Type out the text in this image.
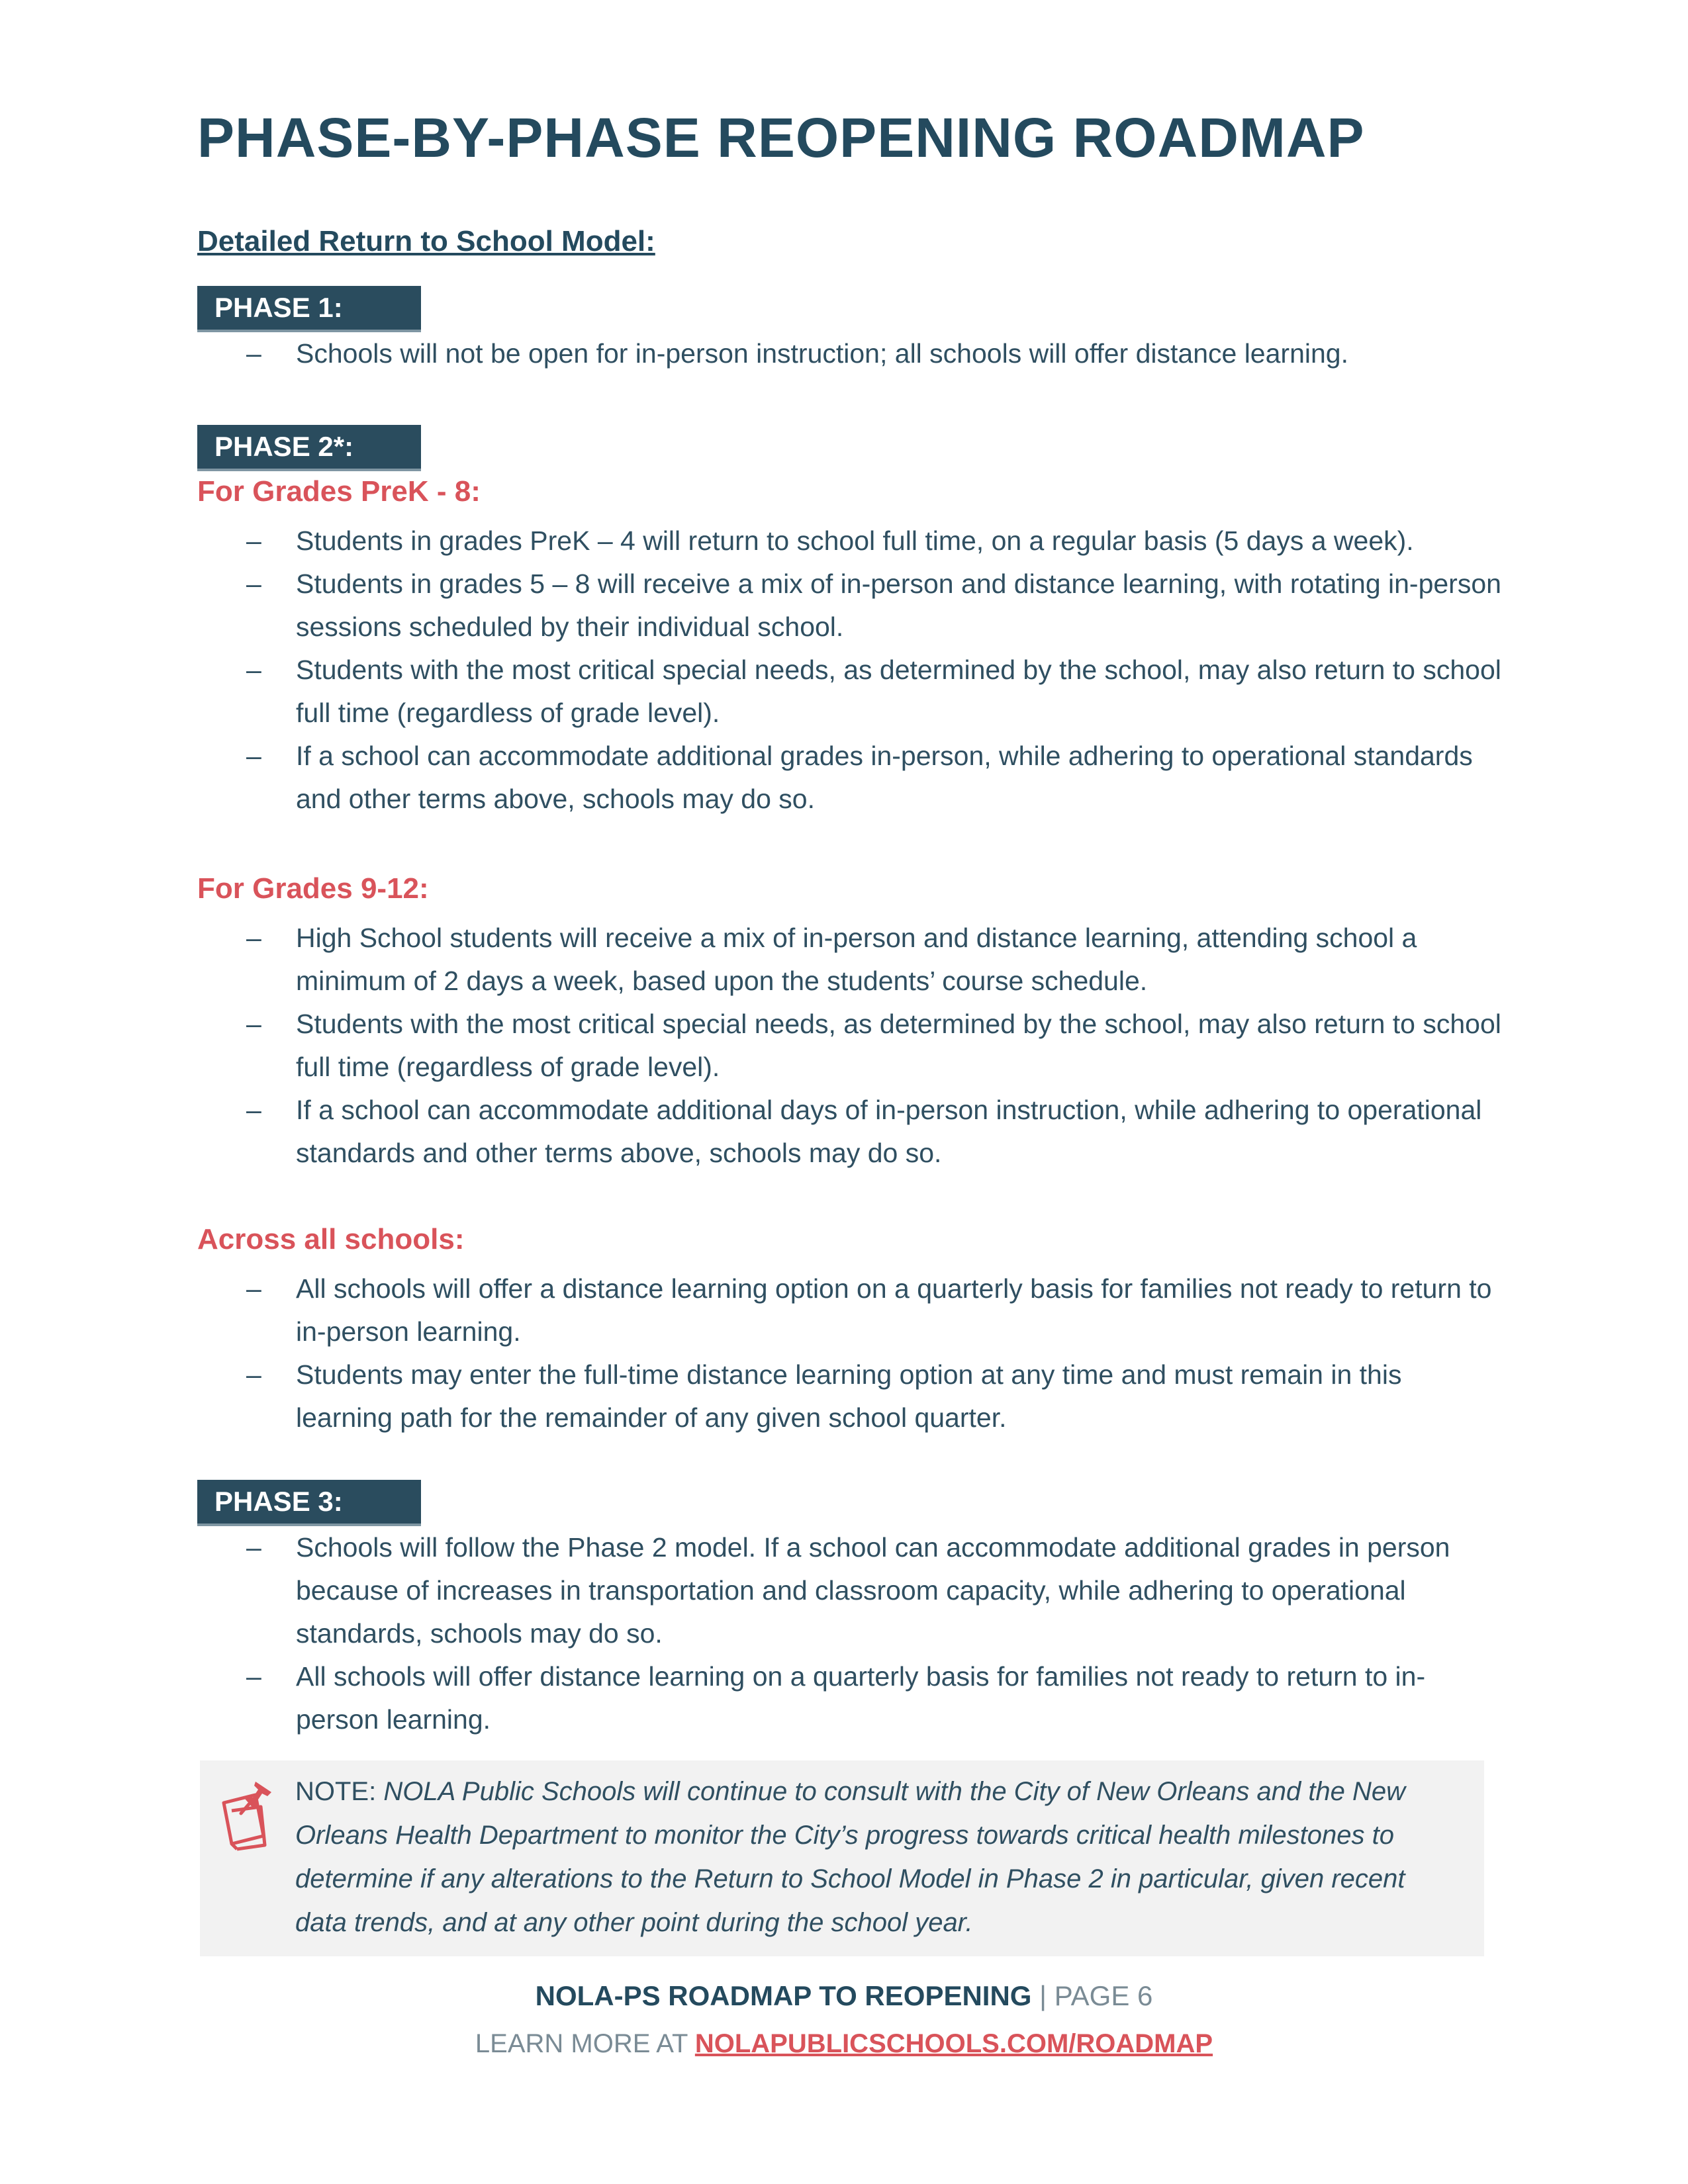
PHASE-BY-PHASE REOPENING ROADMAP
Detailed Return to School Model:
PHASE 1:
–	Schools will not be open for in-person instruction; all schools will offer distance learning.
PHASE 2*:
For Grades PreK - 8:
–	Students in grades PreK – 4 will return to school full time, on a regular basis (5 days a week).
–	Students in grades 5 – 8 will receive a mix of in-person and distance learning, with rotating in-person sessions scheduled by their individual school.
–	Students with the most critical special needs, as determined by the school, may also return to school full time (regardless of grade level).
–	If a school can accommodate additional grades in-person, while adhering to operational standards and other terms above, schools may do so.
For Grades 9-12:
–	High School students will receive a mix of in-person and distance learning, attending school a minimum of 2 days a week, based upon the students’ course schedule.
–	Students with the most critical special needs, as determined by the school, may also return to school full time (regardless of grade level).
–	If a school can accommodate additional days of in-person instruction, while adhering to operational standards and other terms above, schools may do so.
Across all schools:
–	All schools will offer a distance learning option on a quarterly basis for families not ready to return to in-person learning.
–	Students may enter the full-time distance learning option at any time and must remain in this learning path for the remainder of any given school quarter.
PHASE 3:
–	Schools will follow the Phase 2 model. If a school can accommodate additional grades in person because of increases in transportation and classroom capacity, while adhering to operational standards, schools may do so.
–	All schools will offer distance learning on a quarterly basis for families not ready to return to in-person learning.
NOTE: NOLA Public Schools will continue to consult with the City of New Orleans and the New Orleans Health Department to monitor the City’s progress towards critical health milestones to determine if any alterations to the Return to School Model in Phase 2 in particular, given recent data trends, and at any other point during the school year.
NOLA-PS ROADMAP TO REOPENING | PAGE 6
LEARN MORE AT NOLAPUBLICSCHOOLS.COM/ROADMAP
